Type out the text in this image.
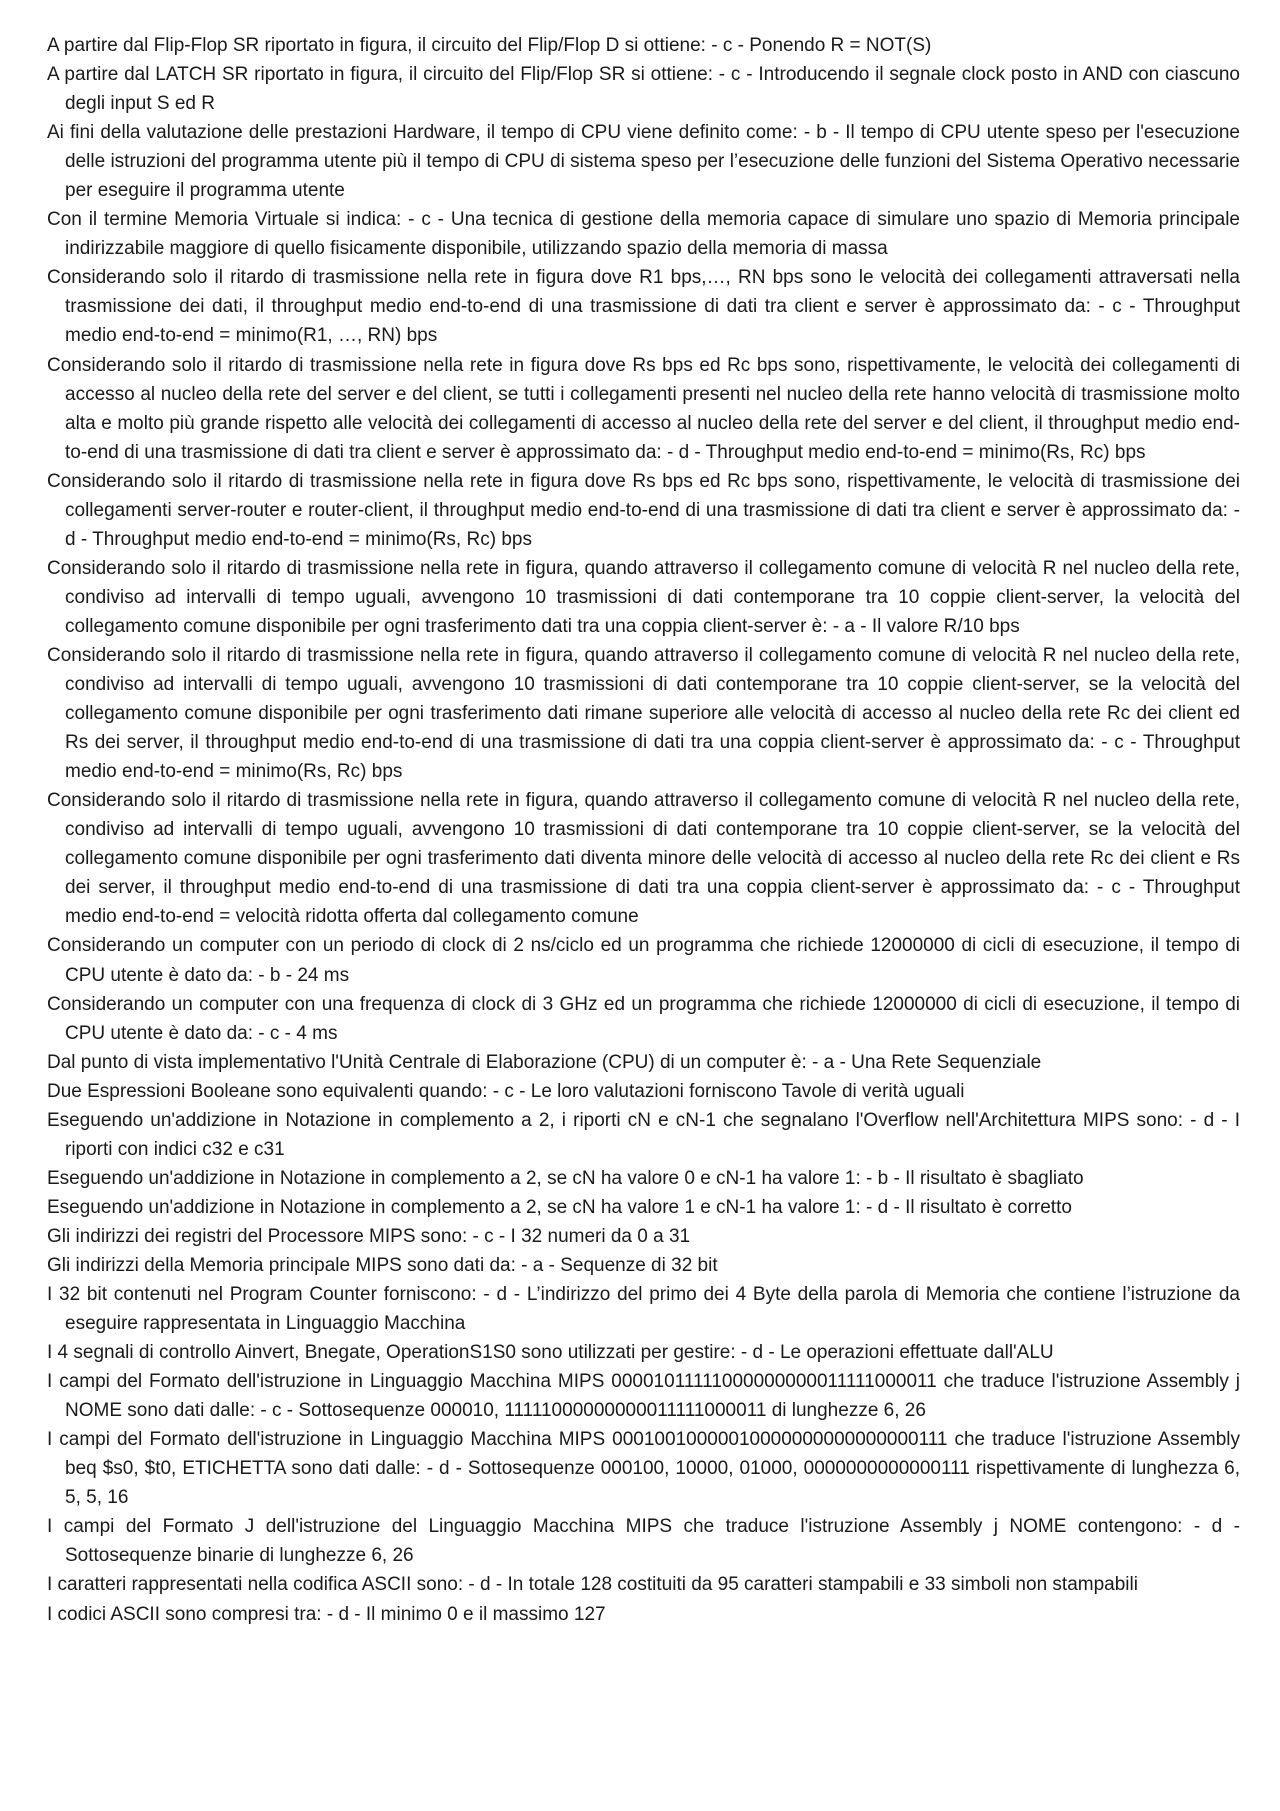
A partire dal Flip-Flop SR riportato in figura, il circuito del Flip/Flop D si ottiene: - c - Ponendo R = NOT(S)

A partire dal LATCH SR riportato in figura, il circuito del Flip/Flop SR si ottiene: - c - Introducendo il segnale clock posto in AND con ciascuno degli input S ed R

Ai fini della valutazione delle prestazioni Hardware, il tempo di CPU viene definito come: - b - Il tempo di CPU utente speso per l'esecuzione delle istruzioni del programma utente più il tempo di CPU di sistema speso per l’esecuzione delle funzioni del Sistema Operativo necessarie per eseguire il programma utente

Con il termine Memoria Virtuale si indica: - c - Una tecnica di gestione della memoria capace di simulare uno spazio di Memoria principale indirizzabile maggiore di quello fisicamente disponibile, utilizzando spazio della memoria di massa

Considerando solo il ritardo di trasmissione nella rete in figura dove R1 bps,…, RN bps sono le velocità dei collegamenti attraversati nella trasmissione dei dati, il throughput medio end-to-end di una trasmissione di dati tra client e server è approssimato da: - c - Throughput medio end-to-end = minimo(R1, …, RN) bps

Considerando solo il ritardo di trasmissione nella rete in figura dove Rs bps ed Rc bps sono, rispettivamente, le velocità dei collegamenti di accesso al nucleo della rete del server e del client, se tutti i collegamenti presenti nel nucleo della rete hanno velocità di trasmissione molto alta e molto più grande rispetto alle velocità dei collegamenti di accesso al nucleo della rete del server e del client, il throughput medio end-to-end di una trasmissione di dati tra client e server è approssimato da: - d - Throughput medio end-to-end = minimo(Rs, Rc) bps

Considerando solo il ritardo di trasmissione nella rete in figura dove Rs bps ed Rc bps sono, rispettivamente, le velocità di trasmissione dei collegamenti server-router e router-client, il throughput medio end-to-end di una trasmissione di dati tra client e server è approssimato da: - d - Throughput medio end-to-end = minimo(Rs, Rc) bps

Considerando solo il ritardo di trasmissione nella rete in figura, quando attraverso il collegamento comune di velocità R nel nucleo della rete, condiviso ad intervalli di tempo uguali, avvengono 10 trasmissioni di dati contemporane tra 10 coppie client-server, la velocità del collegamento comune disponibile per ogni trasferimento dati tra una coppia client-server è: - a - Il valore R/10 bps

Considerando solo il ritardo di trasmissione nella rete in figura, quando attraverso il collegamento comune di velocità R nel nucleo della rete, condiviso ad intervalli di tempo uguali, avvengono 10 trasmissioni di dati contemporane tra 10 coppie client-server, se la velocità del collegamento comune disponibile per ogni trasferimento dati rimane superiore alle velocità di accesso al nucleo della rete Rc dei client ed Rs dei server, il throughput medio end-to-end di una trasmissione di dati tra una coppia client-server è approssimato da: - c - Throughput medio end-to-end = minimo(Rs, Rc) bps

Considerando solo il ritardo di trasmissione nella rete in figura, quando attraverso il collegamento comune di velocità R nel nucleo della rete, condiviso ad intervalli di tempo uguali, avvengono 10 trasmissioni di dati contemporane tra 10 coppie client-server, se la velocità del collegamento comune disponibile per ogni trasferimento dati diventa minore delle velocità di accesso al nucleo della rete Rc dei client e Rs dei server, il throughput medio end-to-end di una trasmissione di dati tra una coppia client-server è approssimato da: - c - Throughput medio end-to-end = velocità ridotta offerta dal collegamento comune

Considerando un computer con un periodo di clock di 2 ns/ciclo ed un programma che richiede 12000000 di cicli di esecuzione, il tempo di CPU utente è dato da: - b - 24 ms

Considerando un computer con una frequenza di clock di 3 GHz ed un programma che richiede 12000000 di cicli di esecuzione, il tempo di CPU utente è dato da: - c - 4 ms

Dal punto di vista implementativo l'Unità Centrale di Elaborazione (CPU) di un computer è: - a - Una Rete Sequenziale

Due Espressioni Booleane sono equivalenti quando: - c - Le loro valutazioni forniscono Tavole di verità uguali

Eseguendo un'addizione in Notazione in complemento a 2, i riporti cN e cN-1 che segnalano l'Overflow nell'Architettura MIPS sono: - d - I riporti con indici c32 e c31

Eseguendo un'addizione in Notazione in complemento a 2, se cN ha valore 0 e cN-1 ha valore 1: - b - Il risultato è sbagliato

Eseguendo un'addizione in Notazione in complemento a 2, se cN ha valore 1 e cN-1 ha valore 1: - d - Il risultato è corretto

Gli indirizzi dei registri del Processore MIPS sono: - c - I 32 numeri da 0 a 31

Gli indirizzi della Memoria principale MIPS sono dati da: - a - Sequenze di 32 bit

I 32 bit contenuti nel Program Counter forniscono: - d - L’indirizzo del primo dei 4 Byte della parola di Memoria che contiene l’istruzione da eseguire rappresentata in Linguaggio Macchina

I 4 segnali di controllo Ainvert, Bnegate, OperationS1S0 sono utilizzati per gestire: - d - Le operazioni effettuate dall'ALU

I campi del Formato dell'istruzione in Linguaggio Macchina MIPS 00001011111000000000011111000011 che traduce l'istruzione Assembly j NOME sono dati dalle: - c - Sottosequenze 000010, 11111000000000011111000011 di lunghezze 6, 26

I campi del Formato dell'istruzione in Linguaggio Macchina MIPS 00010010000010000000000000000111 che traduce l'istruzione Assembly beq $s0, $t0, ETICHETTA sono dati dalle: - d - Sottosequenze 000100, 10000, 01000, 0000000000000111 rispettivamente di lunghezza 6, 5, 5, 16

I campi del Formato J dell'istruzione del Linguaggio Macchina MIPS che traduce l'istruzione Assembly j NOME contengono: - d - Sottosequenze binarie di lunghezze 6, 26

I caratteri rappresentati nella codifica ASCII sono: - d - In totale 128 costituiti da 95 caratteri stampabili e 33 simboli non stampabili

I codici ASCII sono compresi tra: - d - Il minimo 0 e il massimo 127
